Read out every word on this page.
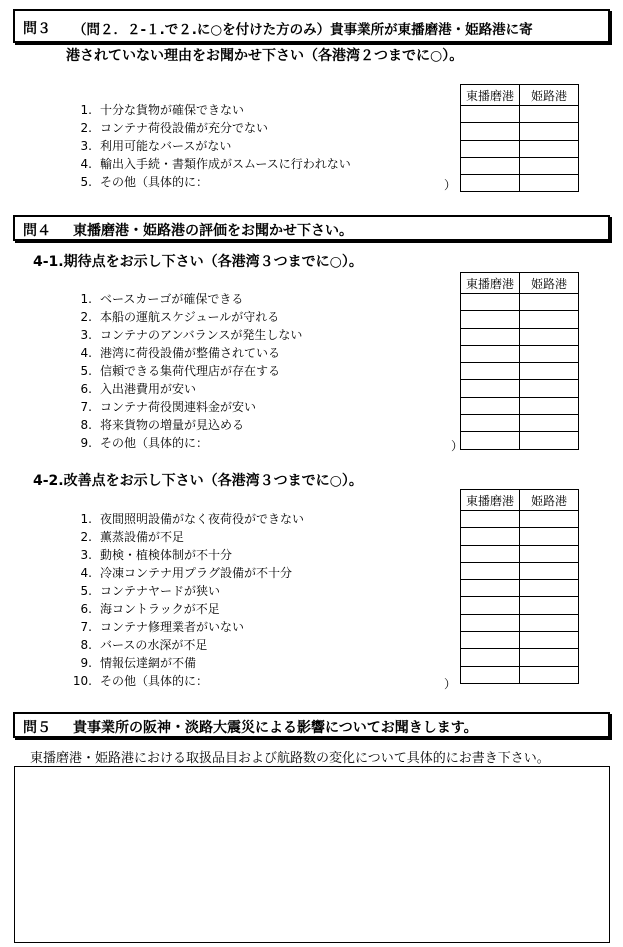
問３ （問２．２-１.で２.に○を付けた方のみ）貴事業所が東播磨港・姫路港に寄
港されていない理由をお聞かせ下さい（各港湾２つまでに○）。
東播磨港	姫路港

1. 十分な貨物が確保できない
2. コンテナ荷役設備が充分でない
3. 利用可能なバースがない
4. 輸出入手続・書類作成がスムースに行われない
5. その他（具体的に：	）
問４ 東播磨港・姫路港の評価をお聞かせ下さい。
4-1.期待点をお示し下さい（各港湾３つまでに○）。
東播磨港	姫路港

1. ベースカーゴが確保できる
2. 本船の運航スケジュールが守れる
3. コンテナのアンバランスが発生しない
4. 港湾に荷役設備が整備されている
5. 信頼できる集荷代理店が存在する
6. 入出港費用が安い
7. コンテナ荷役関連料金が安い
8. 将来貨物の増量が見込める
9. その他（具体的に：	）
4-2.改善点をお示し下さい（各港湾３つまでに○）。
東播磨港	姫路港

1. 夜間照明設備がなく夜荷役ができない
2. 薫蒸設備が不足
3. 動検・植検体制が不十分
4. 冷凍コンテナ用プラグ設備が不十分
5. コンテナヤードが狭い
6. 海コントラックが不足
7. コンテナ修理業者がいない
8. バースの水深が不足
9. 情報伝達網が不備
10. その他（具体的に：	）
問５ 貴事業所の阪神・淡路大震災による影響についてお聞きします。
東播磨港・姫路港における取扱品目および航路数の変化について具体的にお書き下さい。
